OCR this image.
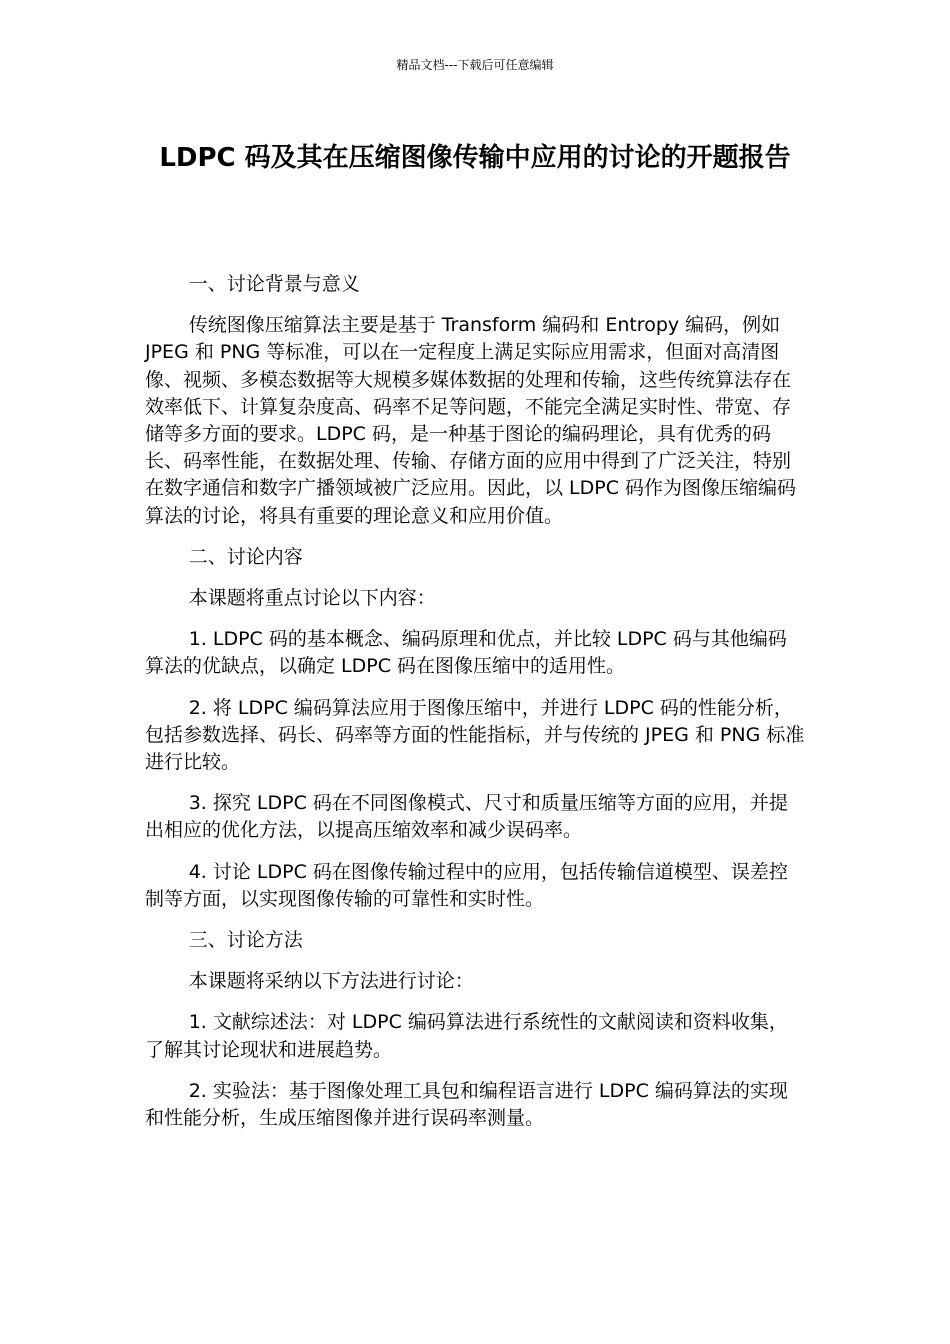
精品文档---下载后可任意编辑
LDPC 码及其在压缩图像传输中应用的讨论的开题报告

一、讨论背景与意义

传统图像压缩算法主要是基于 Transform 编码和 Entropy 编码，例如 JPEG 和 PNG 等标准，可以在一定程度上满足实际应用需求，但面对高清图像、视频、多模态数据等大规模多媒体数据的处理和传输，这些传统算法存在效率低下、计算复杂度高、码率不足等问题，不能完全满足实时性、带宽、存储等多方面的要求。LDPC 码，是一种基于图论的编码理论，具有优秀的码长、码率性能，在数据处理、传输、存储方面的应用中得到了广泛关注，特别在数字通信和数字广播领域被广泛应用。因此，以 LDPC 码作为图像压缩编码算法的讨论，将具有重要的理论意义和应用价值。

二、讨论内容

本课题将重点讨论以下内容：

1. LDPC 码的基本概念、编码原理和优点，并比较 LDPC 码与其他编码算法的优缺点，以确定 LDPC 码在图像压缩中的适用性。

2. 将 LDPC 编码算法应用于图像压缩中，并进行 LDPC 码的性能分析，包括参数选择、码长、码率等方面的性能指标，并与传统的 JPEG 和 PNG 标准进行比较。

3. 探究 LDPC 码在不同图像模式、尺寸和质量压缩等方面的应用，并提出相应的优化方法，以提高压缩效率和减少误码率。

4. 讨论 LDPC 码在图像传输过程中的应用，包括传输信道模型、误差控制等方面，以实现图像传输的可靠性和实时性。

三、讨论方法

本课题将采纳以下方法进行讨论：

1. 文献综述法：对 LDPC 编码算法进行系统性的文献阅读和资料收集，了解其讨论现状和进展趋势。

2. 实验法：基于图像处理工具包和编程语言进行 LDPC 编码算法的实现和性能分析，生成压缩图像并进行误码率测量。
